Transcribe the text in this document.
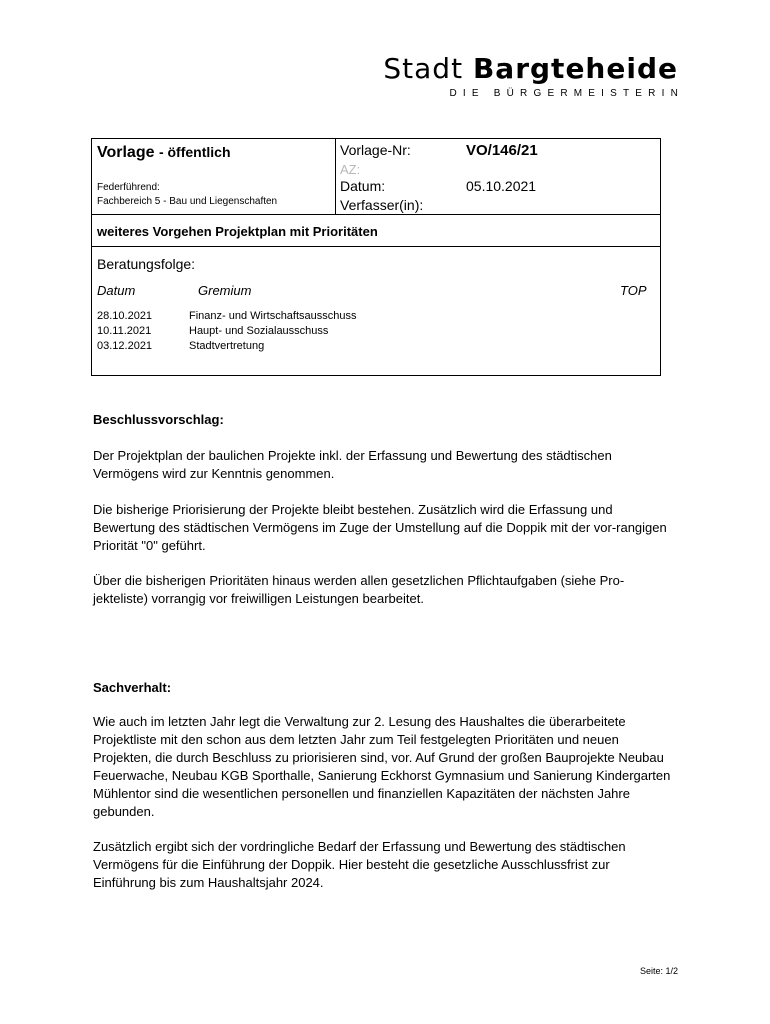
Stadt Bargteheide
DIE BÜRGERMEISTERIN
Vorlage - öffentlich
Federführend:
Fachbereich 5 - Bau und Liegenschaften
Vorlage-Nr:	VO/146/21
AZ:
Datum:	05.10.2021
Verfasser(in):
weiteres Vorgehen Projektplan mit Prioritäten
Beratungsfolge:
Datum	Gremium	TOP
28.10.2021	Finanz- und Wirtschaftsausschuss
10.11.2021	Haupt- und Sozialausschuss
03.12.2021	Stadtvertretung
Beschlussvorschlag:

Der Projektplan der baulichen Projekte inkl. der Erfassung und Bewertung des städtischen Vermögens wird zur Kenntnis genommen.

Die bisherige Priorisierung der Projekte bleibt bestehen. Zusätzlich wird die Erfassung und Bewertung des städtischen Vermögens im Zuge der Umstellung auf die Doppik mit der vor-rangigen Priorität "0" geführt.

Über die bisherigen Prioritäten hinaus werden allen gesetzlichen Pflichtaufgaben (siehe Pro-jekteliste) vorrangig vor freiwilligen Leistungen bearbeitet.

Sachverhalt:

Wie auch im letzten Jahr legt die Verwaltung zur 2. Lesung des Haushaltes die überarbeitete Projektliste mit den schon aus dem letzten Jahr zum Teil festgelegten Prioritäten und neuen Projekten, die durch Beschluss zu priorisieren sind, vor. Auf Grund der großen Bauprojekte Neubau Feuerwache, Neubau KGB Sporthalle, Sanierung Eckhorst Gymnasium und Sanierung Kindergarten Mühlentor sind die wesentlichen personellen und finanziellen Kapazitäten der nächsten Jahre gebunden.

Zusätzlich ergibt sich der vordringliche Bedarf der Erfassung und Bewertung des städtischen Vermögens für die Einführung der Doppik. Hier besteht die gesetzliche Ausschlussfrist zur Einführung bis zum Haushaltsjahr 2024.

Seite: 1/2
